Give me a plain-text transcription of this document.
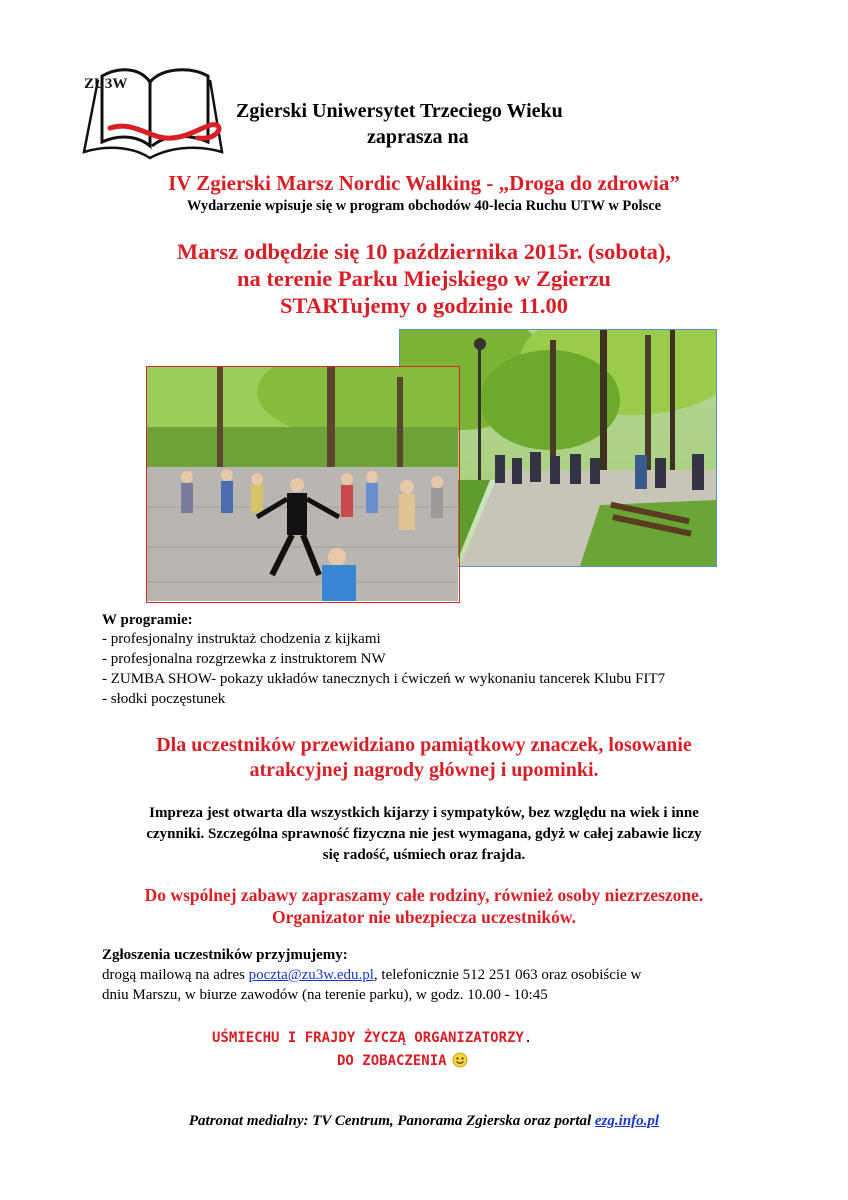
ZU3W
Zgierski Uniwersytet Trzeciego Wieku
zaprasza na
IV Zgierski Marsz Nordic Walking - „Droga do zdrowia”
Wydarzenie wpisuje się w program obchodów 40-lecia Ruchu UTW w Polsce
Marsz odbędzie się 10 października 2015r. (sobota),
na terenie Parku Miejskiego w Zgierzu
STARTujemy o godzinie 11.00
W programie:
- profesjonalny instruktaż chodzenia z kijkami
- profesjonalna rozgrzewka z instruktorem NW
- ZUMBA SHOW- pokazy układów tanecznych i ćwiczeń w wykonaniu tancerek Klubu FIT7
- słodki poczęstunek
Dla uczestników przewidziano pamiątkowy znaczek, losowanie
atrakcyjnej nagrody głównej i upominki.
Impreza jest otwarta dla wszystkich kijarzy i sympatyków, bez względu na wiek i inne
czynniki. Szczególna sprawność fizyczna nie jest wymagana, gdyż w całej zabawie liczy
się radość, uśmiech oraz frajda.
Do wspólnej zabawy zapraszamy całe rodziny, również osoby niezrzeszone.
Organizator nie ubezpiecza uczestników.
Zgłoszenia uczestników przyjmujemy:
drogą mailową na adres poczta@zu3w.edu.pl, telefonicznie 512 251 063 oraz osobiście w
dniu Marszu, w biurze zawodów (na terenie parku), w godz. 10.00 - 10:45
UŚMIECHU I FRAJDY ŻYCZĄ ORGANIZATORZY.
DO ZOBACZENIA
Patronat medialny: TV Centrum, Panorama Zgierska oraz portal ezg.info.pl
